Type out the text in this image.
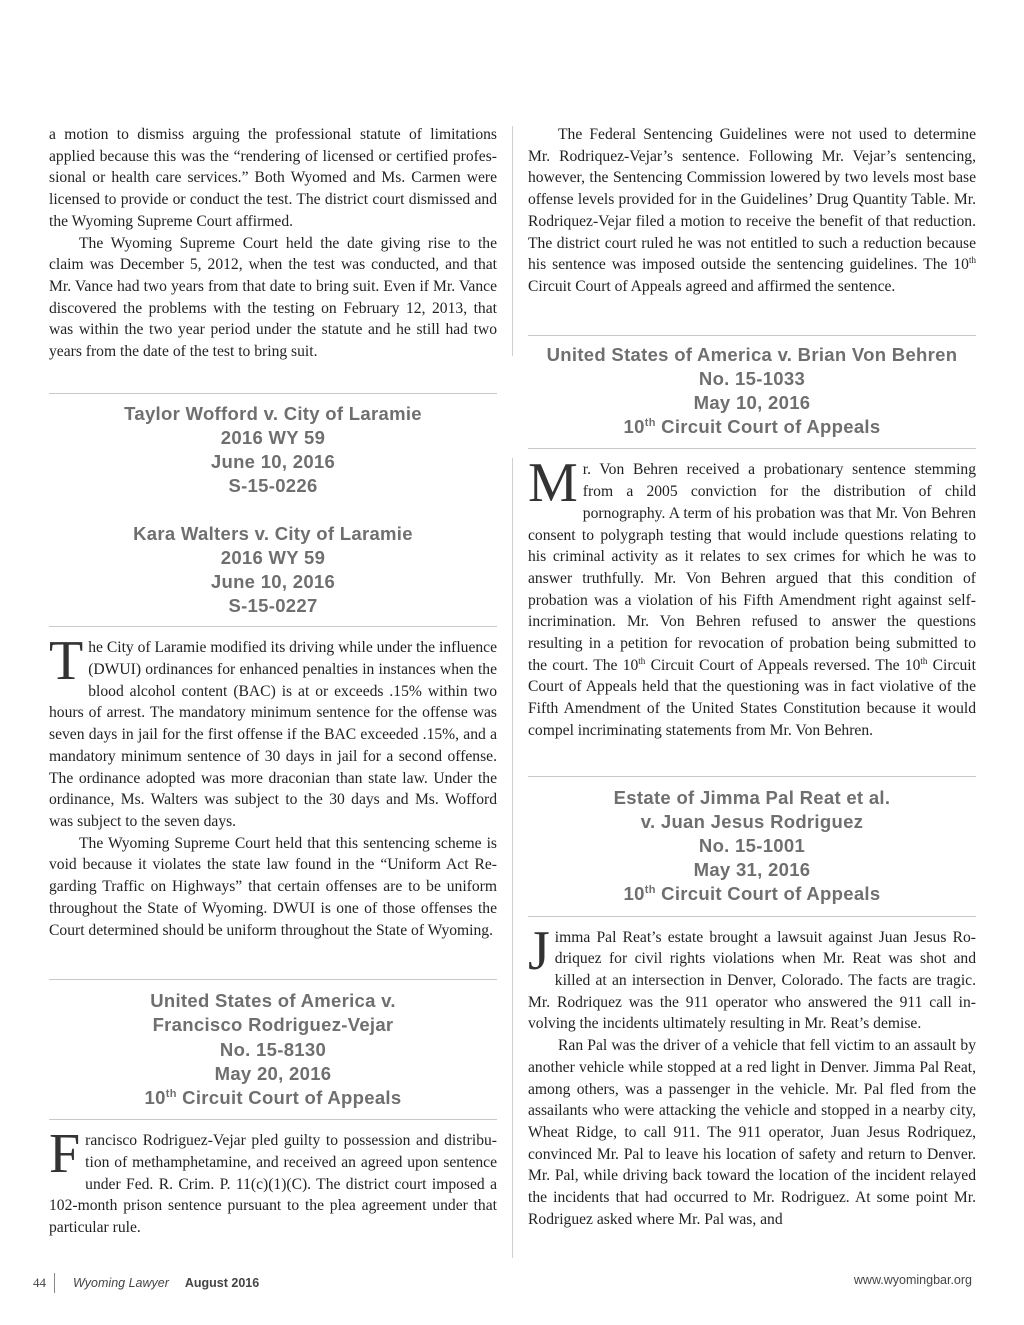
a motion to dismiss arguing the professional statute of limitations applied because this was the “rendering of licensed or certified professional or health care services.” Both Wyomed and Ms. Carmen were licensed to provide or conduct the test. The district court dismissed and the Wyoming Supreme Court affirmed.

The Wyoming Supreme Court held the date giving rise to the claim was December 5, 2012, when the test was conducted, and that Mr. Vance had two years from that date to bring suit. Even if Mr. Vance discovered the problems with the testing on February 12, 2013, that was within the two year period under the statute and he still had two years from the date of the test to bring suit.

Taylor Wofford v. City of Laramie
2016 WY 59
June 10, 2016
S-15-0226
Kara Walters v. City of Laramie
2016 WY 59
June 10, 2016
S-15-0227

The City of Laramie modified its driving while under the influence (DWUI) ordinances for enhanced penalties in instances when the blood alcohol content (BAC) is at or exceeds .15% within two hours of arrest. The mandatory minimum sentence for the offense was seven days in jail for the first offense if the BAC exceeded .15%, and a mandatory minimum sentence of 30 days in jail for a second offense. The ordinance adopted was more draconian than state law. Under the ordinance, Ms. Walters was subject to the 30 days and Ms. Wofford was subject to the seven days.

The Wyoming Supreme Court held that this sentencing scheme is void because it violates the state law found in the “Uniform Act Regarding Traffic on Highways” that certain offenses are to be uniform throughout the State of Wyoming. DWUI is one of those offenses the Court determined should be uniform throughout the State of Wyoming.

United States of America v.
Francisco Rodriguez-Vejar
No. 15-8130
May 20, 2016
10th Circuit Court of Appeals

Francisco Rodriguez-Vejar pled guilty to possession and distribution of methamphetamine, and received an agreed upon sentence under Fed. R. Crim. P. 11(c)(1)(C). The district court imposed a 102-month prison sentence pursuant to the plea agreement under that particular rule.

The Federal Sentencing Guidelines were not used to determine Mr. Rodriquez-Vejar’s sentence. Following Mr. Vejar’s sentencing, however, the Sentencing Commission lowered by two levels most base offense levels provided for in the Guidelines’ Drug Quantity Table. Mr. Rodriquez-Vejar filed a motion to receive the benefit of that reduction. The district court ruled he was not entitled to such a reduction because his sentence was imposed outside the sentencing guidelines. The 10th Circuit Court of Appeals agreed and affirmed the sentence.

United States of America v. Brian Von Behren
No. 15-1033
May 10, 2016
10th Circuit Court of Appeals

Mr. Von Behren received a probationary sentence stemming from a 2005 conviction for the distribution of child pornography. A term of his probation was that Mr. Von Behren consent to polygraph testing that would include questions relating to his criminal activity as it relates to sex crimes for which he was to answer truthfully. Mr. Von Behren argued that this condition of probation was a violation of his Fifth Amendment right against self-incrimination. Mr. Von Behren refused to answer the questions resulting in a petition for revocation of probation being submitted to the court. The 10th Circuit Court of Appeals reversed. The 10th Circuit Court of Appeals held that the questioning was in fact violative of the Fifth Amendment of the United States Constitution because it would compel incriminating statements from Mr. Von Behren.

Estate of Jimma Pal Reat et al.
v. Juan Jesus Rodriguez
No. 15-1001
May 31, 2016
10th Circuit Court of Appeals

Jimma Pal Reat’s estate brought a lawsuit against Juan Jesus Rodriquez for civil rights violations when Mr. Reat was shot and killed at an intersection in Denver, Colorado. The facts are tragic. Mr. Rodriquez was the 911 operator who answered the 911 call involving the incidents ultimately resulting in Mr. Reat’s demise.

Ran Pal was the driver of a vehicle that fell victim to an assault by another vehicle while stopped at a red light in Denver. Jimma Pal Reat, among others, was a passenger in the vehicle. Mr. Pal fled from the assailants who were attacking the vehicle and stopped in a nearby city, Wheat Ridge, to call 911. The 911 operator, Juan Jesus Rodriquez, convinced Mr. Pal to leave his location of safety and return to Denver. Mr. Pal, while driving back toward the location of the incident relayed the incidents that had occurred to Mr. Rodriguez. At some point Mr. Rodriguez asked where Mr. Pal was, and

44 Wyoming Lawyer August 2016	www.wyomingbar.org
